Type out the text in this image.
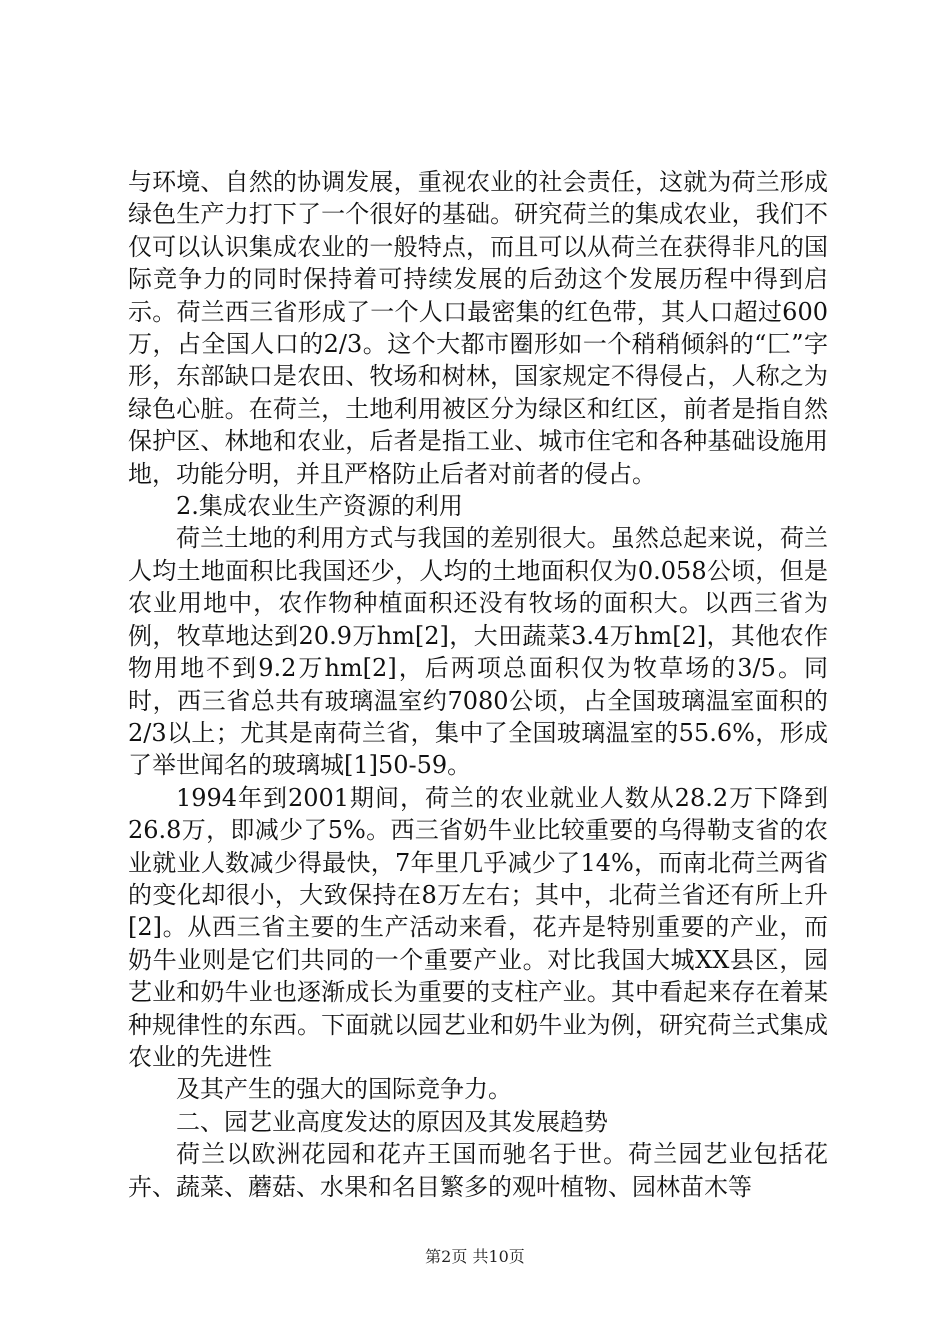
与环境、自然的协调发展，重视农业的社会责任，这就为荷兰形成绿色生产力打下了一个很好的基础。研究荷兰的集成农业，我们不仅可以认识集成农业的一般特点，而且可以从荷兰在获得非凡的国际竞争力的同时保持着可持续发展的后劲这个发展历程中得到启示。荷兰西三省形成了一个人口最密集的红色带，其人口超过600万，占全国人口的2/3。这个大都市圈形如一个稍稍倾斜的“匚”字形，东部缺口是农田、牧场和树林，国家规定不得侵占，人称之为绿色心脏。在荷兰，土地利用被区分为绿区和红区，前者是指自然保护区、林地和农业，后者是指工业、城市住宅和各种基础设施用地，功能分明，并且严格防止后者对前者的侵占。

2.集成农业生产资源的利用

荷兰土地的利用方式与我国的差别很大。虽然总起来说，荷兰人均土地面积比我国还少，人均的土地面积仅为0.058公顷，但是农业用地中，农作物种植面积还没有牧场的面积大。以西三省为例，牧草地达到20.9万hm[2]，大田蔬菜3.4万hm[2]，其他农作物用地不到9.2万hm[2]，后两项总面积仅为牧草场的3/5。同时，西三省总共有玻璃温室约7080公顷，占全国玻璃温室面积的2/3以上；尤其是南荷兰省，集中了全国玻璃温室的55.6%，形成了举世闻名的玻璃城[1]50-59。

1994年到2001期间，荷兰的农业就业人数从28.2万下降到26.8万，即减少了5%。西三省奶牛业比较重要的乌得勒支省的农业就业人数减少得最快，7年里几乎减少了14%，而南北荷兰两省的变化却很小，大致保持在8万左右；其中，北荷兰省还有所上升[2]。从西三省主要的生产活动来看，花卉是特别重要的产业，而奶牛业则是它们共同的一个重要产业。对比我国大城XX县区，园艺业和奶牛业也逐渐成长为重要的支柱产业。其中看起来存在着某种规律性的东西。下面就以园艺业和奶牛业为例，研究荷兰式集成农业的先进性

及其产生的强大的国际竞争力。

二、园艺业高度发达的原因及其发展趋势

荷兰以欧洲花园和花卉王国而驰名于世。荷兰园艺业包括花卉、蔬菜、蘑菇、水果和名目繁多的观叶植物、园林苗木等

第2页 共10页
